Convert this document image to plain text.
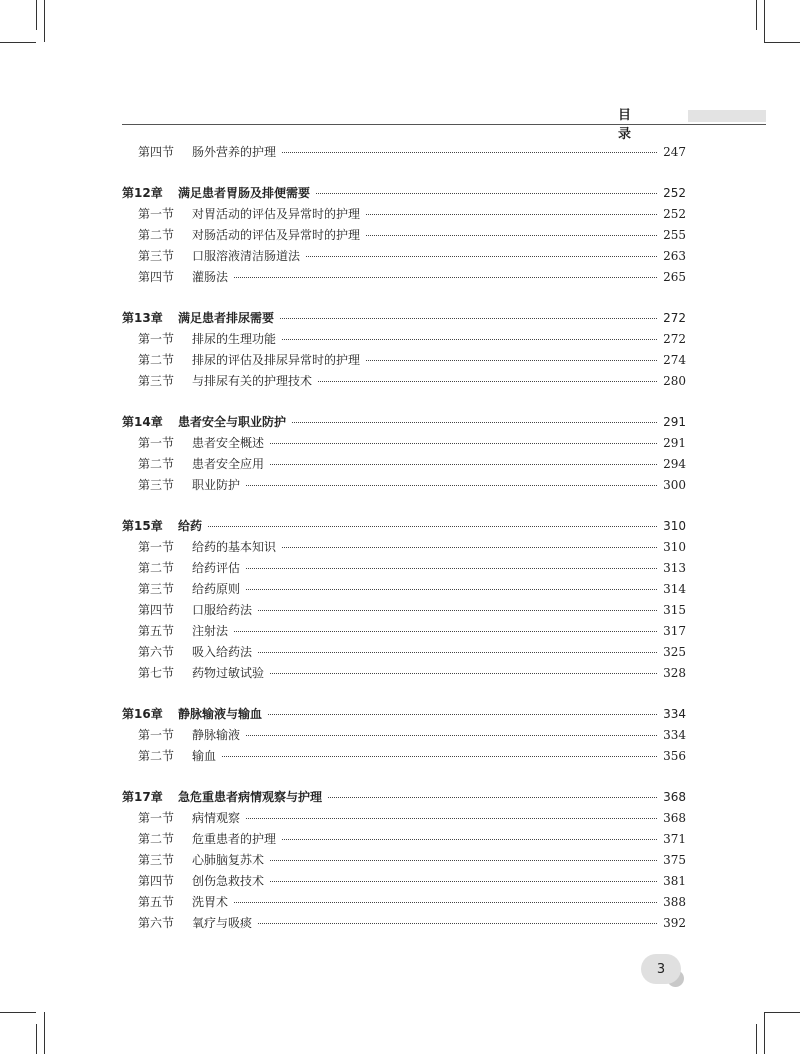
目 录
第四节	肠外营养的护理	247
第12章	满足患者胃肠及排便需要	252
第一节	对胃活动的评估及异常时的护理	252
第二节	对肠活动的评估及异常时的护理	255
第三节	口服溶液清洁肠道法	263
第四节	灌肠法	265
第13章	满足患者排尿需要	272
第一节	排尿的生理功能	272
第二节	排尿的评估及排尿异常时的护理	274
第三节	与排尿有关的护理技术	280
第14章	患者安全与职业防护	291
第一节	患者安全概述	291
第二节	患者安全应用	294
第三节	职业防护	300
第15章	给药	310
第一节	给药的基本知识	310
第二节	给药评估	313
第三节	给药原则	314
第四节	口服给药法	315
第五节	注射法	317
第六节	吸入给药法	325
第七节	药物过敏试验	328
第16章	静脉输液与输血	334
第一节	静脉输液	334
第二节	输血	356
第17章	急危重患者病情观察与护理	368
第一节	病情观察	368
第二节	危重患者的护理	371
第三节	心肺脑复苏术	375
第四节	创伤急救技术	381
第五节	洗胃术	388
第六节	氧疗与吸痰	392
3
